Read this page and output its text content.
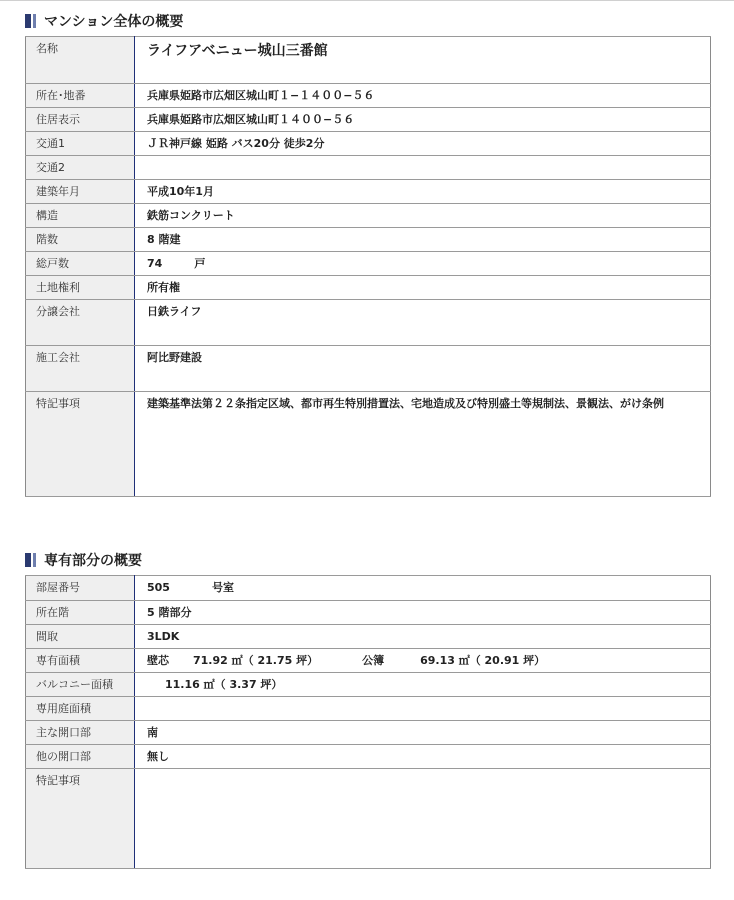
マンション全体の概要
名称	ライフアベニュー城山三番館
所在･地番	兵庫県姫路市広畑区城山町１−１４００−５６
住居表示	兵庫県姫路市広畑区城山町１４００−５６
交通1	ＪＲ神戸線 姫路 バス20分 徒歩2分
交通2	
建築年月	平成10年1月
構造	鉄筋コンクリート
階数	8 階建
総戸数	74 戸
土地権利	所有権
分譲会社	日鉄ライフ
施工会社	阿比野建設
特記事項	建築基準法第２２条指定区域、都市再生特別措置法、宅地造成及び特別盛土等規制法、景観法、がけ条例
専有部分の概要
部屋番号	505 号室
所在階	5 階部分
間取	3LDK
専有面積	壁芯 71.92 ㎡（ 21.75 坪） 公簿 69.13 ㎡（ 20.91 坪）
バルコニー面積	11.16 ㎡（ 3.37 坪）
専用庭面積	
主な開口部	南
他の開口部	無し
特記事項	
